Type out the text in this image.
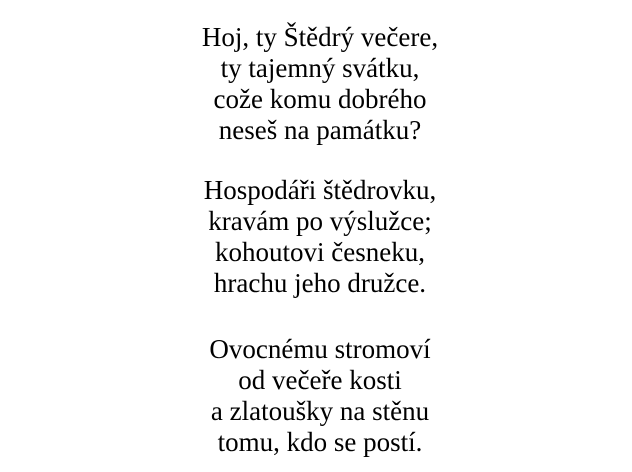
Hoj, ty Štědrý večere,
ty tajemný svátku,
cože komu dobrého
neseš na památku?
Hospodáři štědrovku,
kravám po výslužce;
kohoutovi česneku,
hrachu jeho družce.
Ovocnému stromoví
od večeře kosti
a zlatoušky na stěnu
tomu, kdo se postí.
